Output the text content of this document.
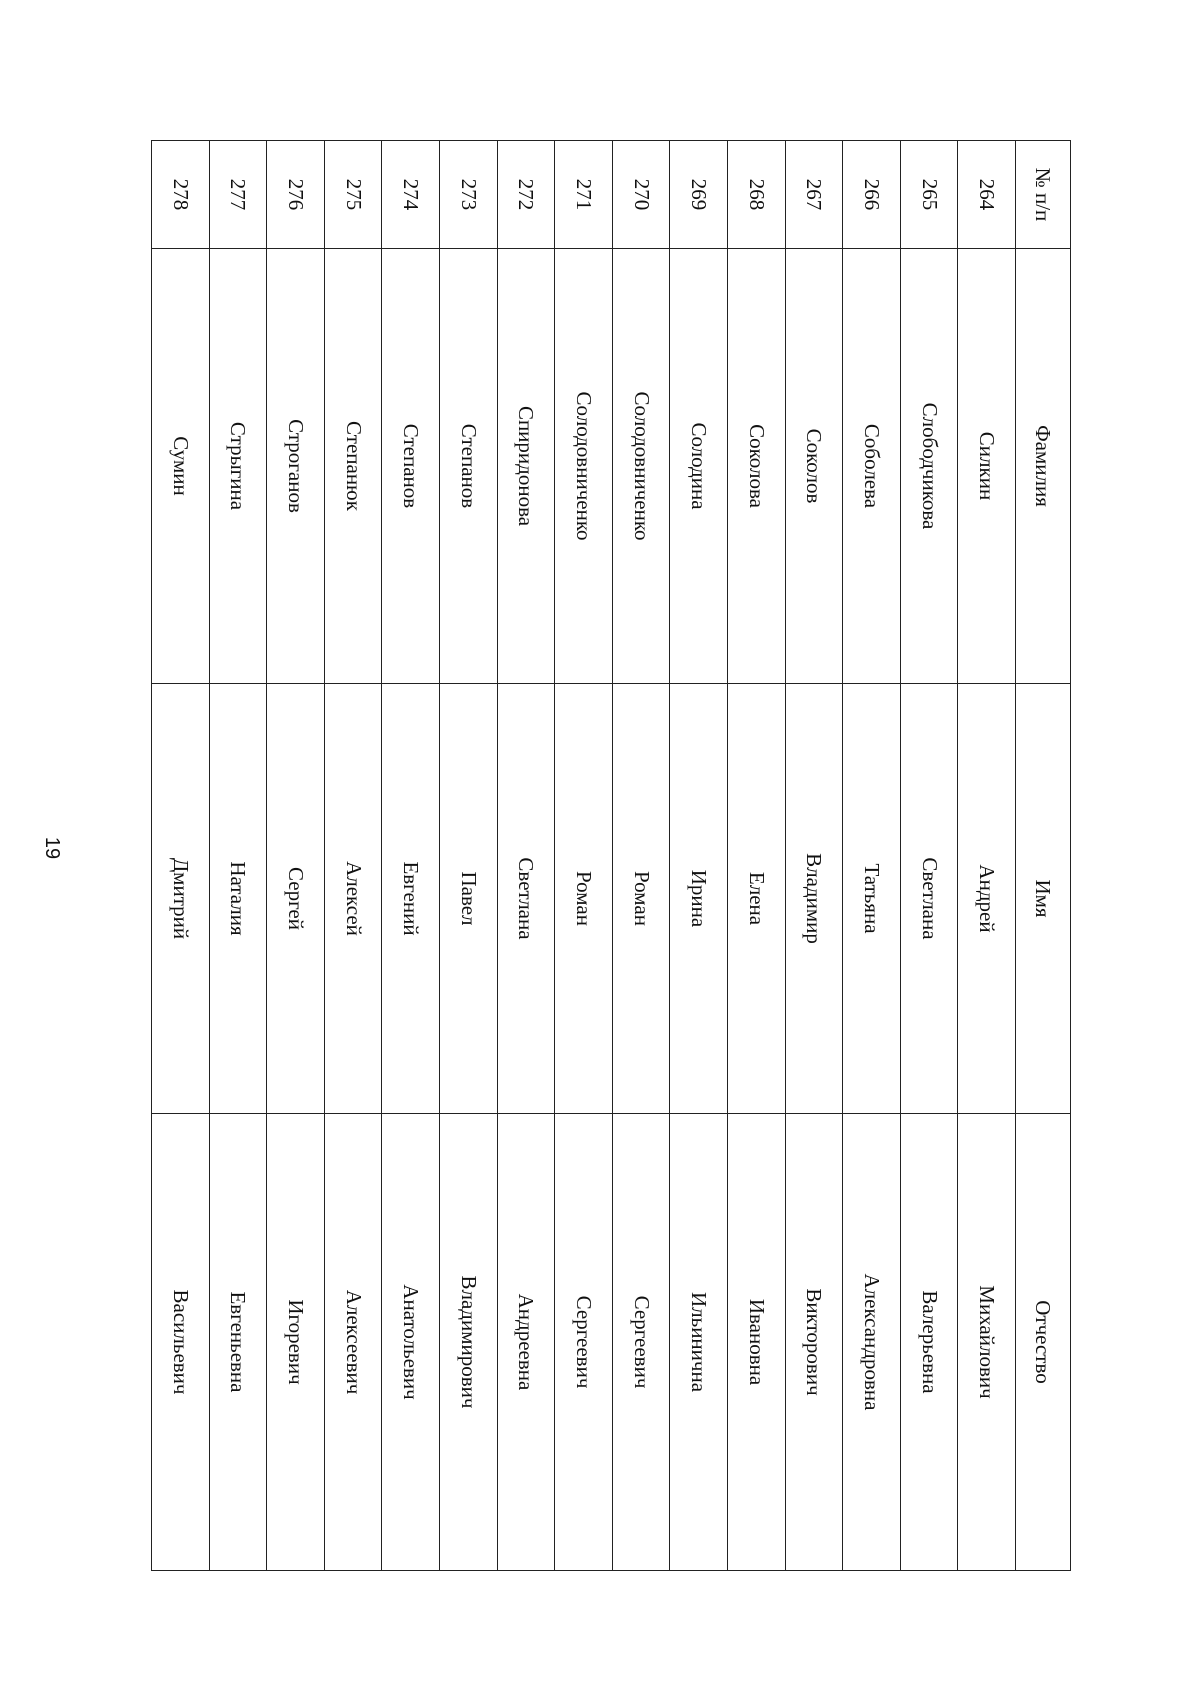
19
№ п/п	Фамилия	Имя	Отчество
264	Силкин	Андрей	Михайлович
265	Слободчикова	Светлана	Валерьевна
266	Соболева	Татьяна	Александровна
267	Соколов	Владимир	Викторович
268	Соколова	Елена	Ивановна
269	Солодина	Ирина	Ильинична
270	Солодовниченко	Роман	Сергеевич
271	Солодовниченко	Роман	Сергеевич
272	Спиридонова	Светлана	Андреевна
273	Степанов	Павел	Владимирович
274	Степанов	Евгений	Анатольевич
275	Степанюк	Алексей	Алексеевич
276	Строганов	Сергей	Игоревич
277	Стрыгина	Наталия	Евгеньевна
278	Сумин	Дмитрий	Васильевич
